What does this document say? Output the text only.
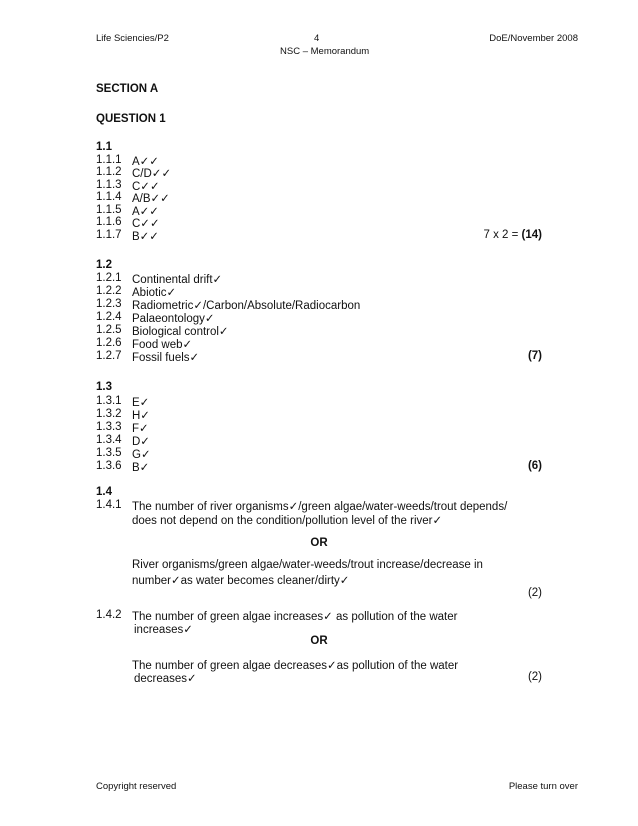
Life Sciencies/P2	4
NSC – Memorandum
DoE/November 2008
SECTION A
QUESTION 1
1.1
1.1.1 A✓✓
1.1.2 C/D✓✓
1.1.3 C✓✓
1.1.4 A/B✓✓
1.1.5 A✓✓
1.1.6 C✓✓
1.1.7 B✓✓	7 x 2 = (14)
1.2
1.2.1 Continental drift✓
1.2.2 Abiotic✓
1.2.3 Radiometric✓/Carbon/Absolute/Radiocarbon
1.2.4 Palaeontology✓
1.2.5 Biological control✓
1.2.6 Food web✓
1.2.7 Fossil fuels✓	(7)
1.3
1.3.1 E✓
1.3.2 H✓
1.3.3 F✓
1.3.4 D✓
1.3.5 G✓
1.3.6 B✓	(6)
1.4
1.4.1 The number of river organisms✓/green algae/water-weeds/trout depends/
does not depend on the condition/pollution level of the river✓
OR
River organisms/green algae/water-weeds/trout increase/decrease in
number✓as water becomes cleaner/dirty✓
(2)
1.4.2 The number of green algae increases✓ as pollution of the water
increases✓
OR
The number of green algae decreases✓as pollution of the water
decreases✓	(2)
Copyright reserved	Please turn over
